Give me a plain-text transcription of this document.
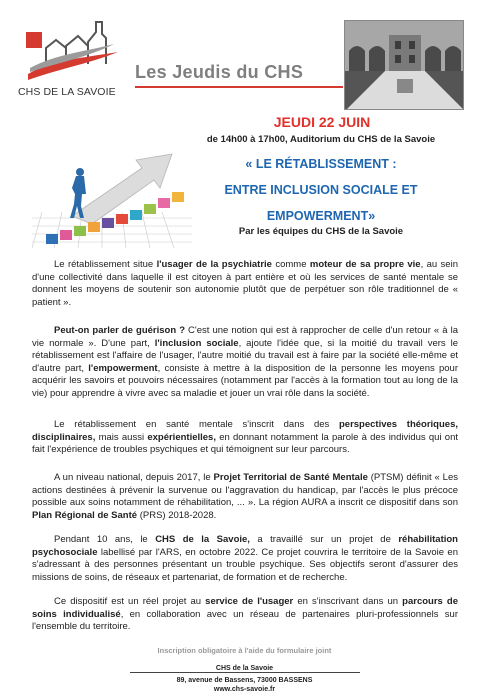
CHS DE LA SAVOIE
Les Jeudis du CHS
JEUDI 22 JUIN
de 14h00 à 17h00, Auditorium du CHS de la Savoie
« LE RÉTABLISSEMENT :
ENTRE INCLUSION SOCIALE ET
EMPOWERMENT»
Par les équipes du CHS de la Savoie
Le rétablissement situe l'usager de la psychiatrie comme moteur de sa propre vie, au sein d'une collectivité dans laquelle il est citoyen à part entière et où les services de santé mentale se donnent les moyens de soutenir son autonomie plutôt que de perpétuer son rôle traditionnel de « patient ».
Peut-on parler de guérison ? C'est une notion qui est à rapprocher de celle d'un retour « à la vie normale ». D'une part, l'inclusion sociale, ajoute l'idée que, si la moitié du travail vers le rétablissement est l'affaire de l'usager, l'autre moitié du travail est à faire par la société elle-même et d'autre part, l'empowerment, consiste à mettre à la disposition de la personne les moyens pour acquérir les savoirs et pouvoirs nécessaires (notamment par l'accès à la formation tout au long de la vie) pour apprendre à vivre avec sa maladie et jouer un vrai rôle dans la société.
Le rétablissement en santé mentale s'inscrit dans des perspectives théoriques, disciplinaires, mais aussi expérientielles, en donnant notamment la parole à des individus qui ont fait l'expérience de troubles psychiques et qui témoignent sur leur parcours.
A un niveau national, depuis 2017, le Projet Territorial de Santé Mentale (PTSM) définit « Les actions destinées à prévenir la survenue ou l'aggravation du handicap, par l'accès le plus précoce possible aux soins notamment de réhabilitation, ... ». La région AURA a inscrit ce dispositif dans son Plan Régional de Santé (PRS) 2018-2028.
Pendant 10 ans, le CHS de la Savoie, a travaillé sur un projet de réhabilitation psychosociale labellisé par l'ARS, en octobre 2022. Ce projet couvrira le territoire de la Savoie en s'adressant à des personnes présentant un trouble psychique. Ses objectifs seront d'assurer des missions de soins, de réseaux et partenariat, de formation et de recherche.
Ce dispositif est un réel projet au service de l'usager en s'inscrivant dans un parcours de soins individualisé, en collaboration avec un réseau de partenaires pluri-professionnels sur l'ensemble du territoire.
Inscription obligatoire à l'aide du formulaire joint
CHS de la Savoie
89, avenue de Bassens, 73000 BASSENS
www.chs-savoie.fr
